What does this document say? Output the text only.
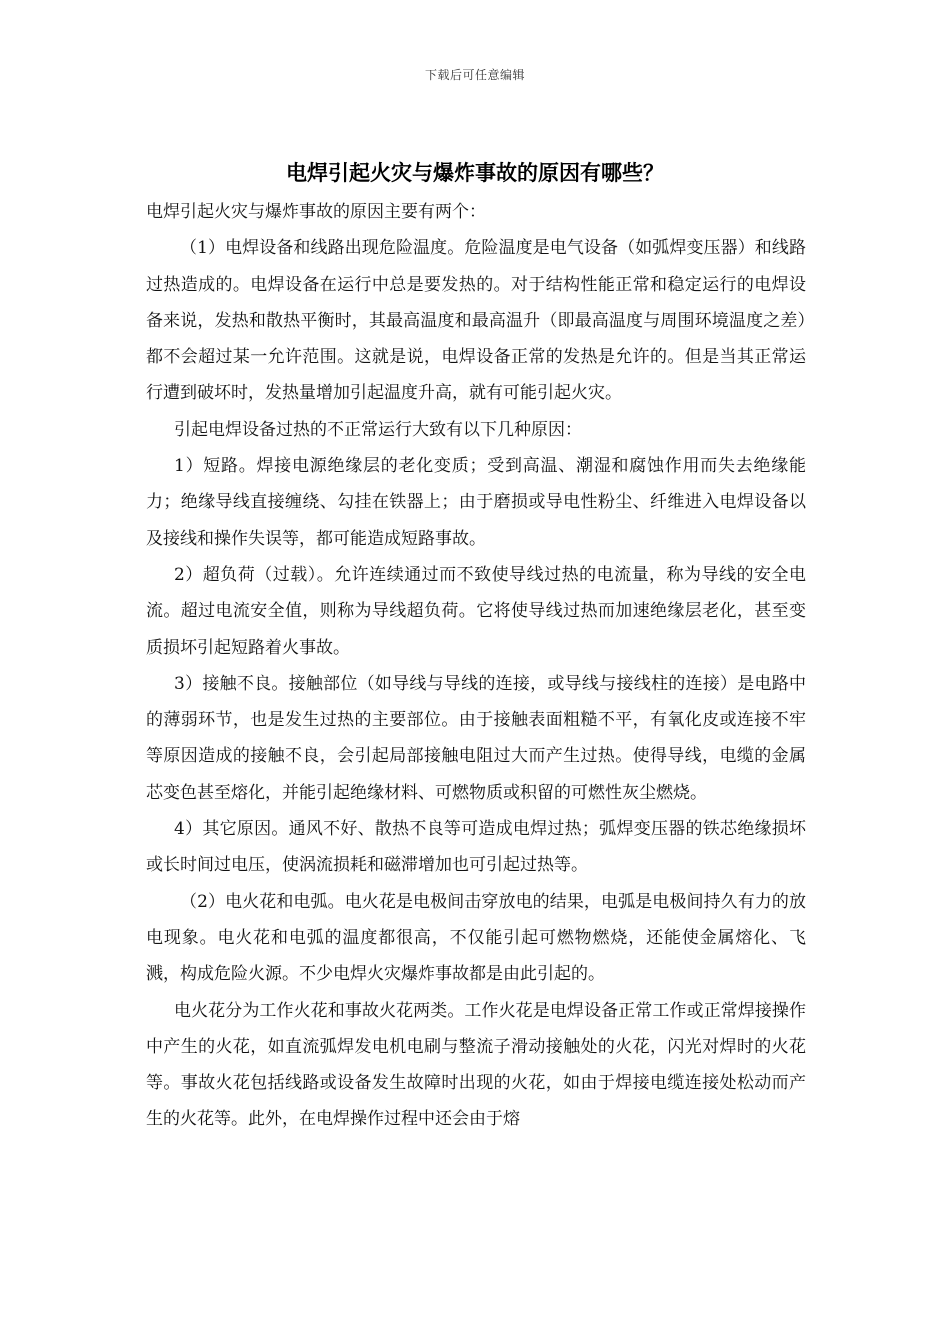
下载后可任意编辑
电焊引起火灾与爆炸事故的原因有哪些？

电焊引起火灾与爆炸事故的原因主要有两个：

（1）电焊设备和线路出现危险温度。危险温度是电气设备（如弧焊变压器）和线路过热造成的。电焊设备在运行中总是要发热的。对于结构性能正常和稳定运行的电焊设备来说，发热和散热平衡时，其最高温度和最高温升（即最高温度与周围环境温度之差）都不会超过某一允许范围。这就是说，电焊设备正常的发热是允许的。但是当其正常运行遭到破坏时，发热量增加引起温度升高，就有可能引起火灾。

引起电焊设备过热的不正常运行大致有以下几种原因：

1）短路。焊接电源绝缘层的老化变质；受到高温、潮湿和腐蚀作用而失去绝缘能力；绝缘导线直接缠绕、勾挂在铁器上；由于磨损或导电性粉尘、纤维进入电焊设备以及接线和操作失误等，都可能造成短路事故。

2）超负荷（过载）。允许连续通过而不致使导线过热的电流量，称为导线的安全电流。超过电流安全值，则称为导线超负荷。它将使导线过热而加速绝缘层老化，甚至变质损坏引起短路着火事故。

3）接触不良。接触部位（如导线与导线的连接，或导线与接线柱的连接）是电路中的薄弱环节，也是发生过热的主要部位。由于接触表面粗糙不平，有氧化皮或连接不牢等原因造成的接触不良，会引起局部接触电阻过大而产生过热。使得导线，电缆的金属芯变色甚至熔化，并能引起绝缘材料、可燃物质或积留的可燃性灰尘燃烧。

4）其它原因。通风不好、散热不良等可造成电焊过热；弧焊变压器的铁芯绝缘损坏或长时间过电压，使涡流损耗和磁滞增加也可引起过热等。

（2）电火花和电弧。电火花是电极间击穿放电的结果，电弧是电极间持久有力的放电现象。电火花和电弧的温度都很高，不仅能引起可燃物燃烧，还能使金属熔化、飞溅，构成危险火源。不少电焊火灾爆炸事故都是由此引起的。

电火花分为工作火花和事故火花两类。工作火花是电焊设备正常工作或正常焊接操作中产生的火花，如直流弧焊发电机电刷与整流子滑动接触处的火花，闪光对焊时的火花等。事故火花包括线路或设备发生故障时出现的火花，如由于焊接电缆连接处松动而产生的火花等。此外，在电焊操作过程中还会由于熔
